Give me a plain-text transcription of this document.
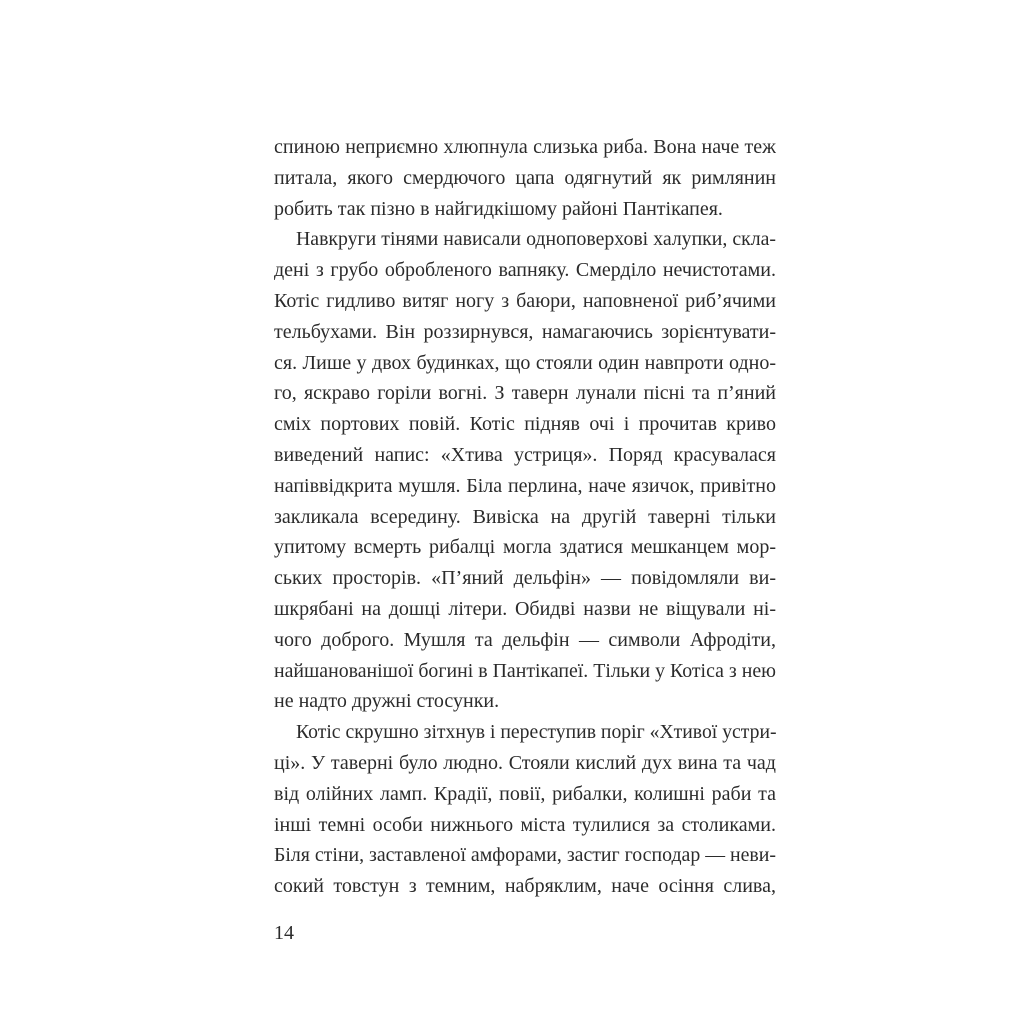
спиною неприємно хлюпнула слизька риба. Вона наче теж
питала, якого смердючого цапа одягнутий як римлянин
робить так пізно в найгидкішому районі Пантікапея.
Навкруги тінями нависали одноповерхові халупки, скла-
дені з грубо обробленого вапняку. Смерділо нечистотами.
Котіс гидливо витяг ногу з баюри, наповненої риб’ячими
тельбухами. Він роззирнувся, намагаючись зорієнтувати-
ся. Лише у двох будинках, що стояли один навпроти одно-
го, яскраво горіли вогні. З таверн лунали пісні та п’яний
сміх портових повій. Котіс підняв очі і прочитав криво
виведений напис: «Хтива устриця». Поряд красувалася
напіввідкрита мушля. Біла перлина, наче язичок, привітно
закликала всередину. Вивіска на другій таверні тільки
упитому всмерть рибалці могла здатися мешканцем мор-
ських просторів. «П’яний дельфін» — повідомляли ви-
шкрябані на дошці літери. Обидві назви не віщували ні-
чого доброго. Мушля та дельфін — символи Афродіти,
найшанованішої богині в Пантікапеї. Тільки у Котіса з нею
не надто дружні стосунки.
Котіс скрушно зітхнув і переступив поріг «Хтивої устри-
ці». У таверні було людно. Стояли кислий дух вина та чад
від олійних ламп. Крадії, повії, рибалки, колишні раби та
інші темні особи нижнього міста тулилися за столиками.
Біля стіни, заставленої амфорами, застиг господар — неви-
сокий товстун з темним, набряклим, наче осіння слива,
14
